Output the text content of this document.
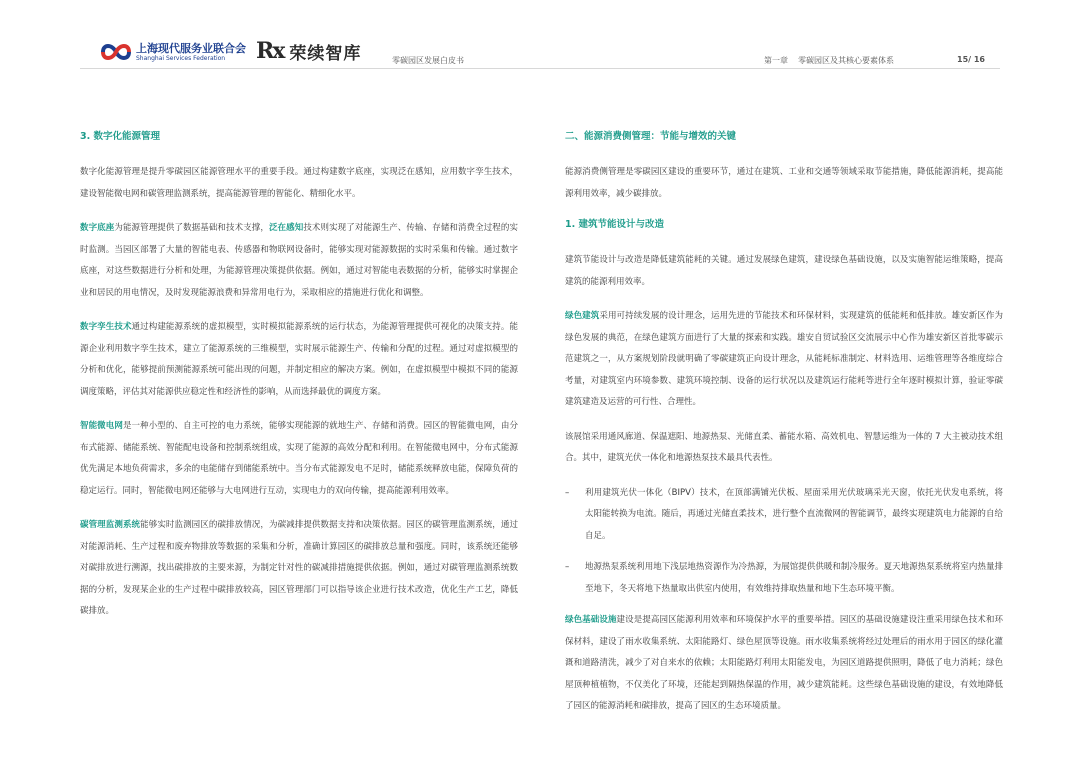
上海现代服务业联合会
Shanghai Services Federation	Rx 荣续智库	零碳园区发展白皮书	第一章 零碳园区及其核心要素体系	15/ 16
3. 数字化能源管理

数字化能源管理是提升零碳园区能源管理水平的重要手段。通过构建数字底座，实现泛在感知，应用数字孪生技术，建设智能微电网和碳管理监测系统，提高能源管理的智能化、精细化水平。

数字底座为能源管理提供了数据基础和技术支撑，泛在感知技术则实现了对能源生产、传输、存储和消费全过程的实时监测。当园区部署了大量的智能电表、传感器和物联网设备时，能够实现对能源数据的实时采集和传输。通过数字底座，对这些数据进行分析和处理，为能源管理决策提供依据。例如，通过对智能电表数据的分析，能够实时掌握企业和居民的用电情况，及时发现能源浪费和异常用电行为，采取相应的措施进行优化和调整。

数字孪生技术通过构建能源系统的虚拟模型，实时模拟能源系统的运行状态，为能源管理提供可视化的决策支持。能源企业利用数字孪生技术，建立了能源系统的三维模型，实时展示能源生产、传输和分配的过程。通过对虚拟模型的分析和优化，能够提前预测能源系统可能出现的问题，并制定相应的解决方案。例如，在虚拟模型中模拟不同的能源调度策略，评估其对能源供应稳定性和经济性的影响，从而选择最优的调度方案。

智能微电网是一种小型的、自主可控的电力系统，能够实现能源的就地生产、存储和消费。园区的智能微电网，由分布式能源、储能系统、智能配电设备和控制系统组成，实现了能源的高效分配和利用。在智能微电网中，分布式能源优先满足本地负荷需求，多余的电能储存到储能系统中。当分布式能源发电不足时，储能系统释放电能，保障负荷的稳定运行。同时，智能微电网还能够与大电网进行互动，实现电力的双向传输，提高能源利用效率。

碳管理监测系统能够实时监测园区的碳排放情况，为碳减排提供数据支持和决策依据。园区的碳管理监测系统，通过对能源消耗、生产过程和废弃物排放等数据的采集和分析，准确计算园区的碳排放总量和强度。同时，该系统还能够对碳排放进行溯源，找出碳排放的主要来源，为制定针对性的碳减排措施提供依据。例如，通过对碳管理监测系统数据的分析，发现某企业的生产过程中碳排放较高，园区管理部门可以指导该企业进行技术改造，优化生产工艺，降低碳排放。

二、能源消费侧管理：节能与增效的关键

能源消费侧管理是零碳园区建设的重要环节，通过在建筑、工业和交通等领域采取节能措施，降低能源消耗，提高能源利用效率，减少碳排放。

1. 建筑节能设计与改造

建筑节能设计与改造是降低建筑能耗的关键。通过发展绿色建筑，建设绿色基础设施，以及实施智能运维策略，提高建筑的能源利用效率。

绿色建筑采用可持续发展的设计理念，运用先进的节能技术和环保材料，实现建筑的低能耗和低排放。雄安新区作为绿色发展的典范，在绿色建筑方面进行了大量的探索和实践。雄安自贸试验区交流展示中心作为雄安新区首批零碳示范建筑之一，从方案规划阶段就明确了零碳建筑正向设计理念，从能耗标准制定、材料选用、运维管理等各维度综合考量，对建筑室内环境参数、建筑环境控制、设备的运行状况以及建筑运行能耗等进行全年逐时模拟计算，验证零碳建筑建造及运营的可行性、合理性。

该展馆采用通风廊道、保温遮阳、地源热泵、光储直柔、蓄能水箱、高效机电、智慧运维为一体的 7 大主被动技术组合。其中，建筑光伏一体化和地源热泵技术最具代表性。

–	利用建筑光伏一体化（BIPV）技术，在顶部满铺光伏板、屋面采用光伏玻璃采光天窗，依托光伏发电系统，将太阳能转换为电流。随后，再通过光储直柔技术，进行整个直流微网的智能调节，最终实现建筑电力能源的自给自足。
–	地源热泵系统利用地下浅层地热资源作为冷热源，为展馆提供供暖和制冷服务。夏天地源热泵系统将室内热量排至地下，冬天将地下热量取出供室内使用，有效维持排取热量和地下生态环境平衡。

绿色基础设施建设是提高园区能源利用效率和环境保护水平的重要举措。园区的基础设施建设注重采用绿色技术和环保材料，建设了雨水收集系统、太阳能路灯、绿色屋顶等设施。雨水收集系统将经过处理后的雨水用于园区的绿化灌溉和道路清洗，减少了对自来水的依赖；太阳能路灯利用太阳能发电，为园区道路提供照明，降低了电力消耗；绿色屋顶种植植物，不仅美化了环境，还能起到隔热保温的作用，减少建筑能耗。这些绿色基础设施的建设，有效地降低了园区的能源消耗和碳排放，提高了园区的生态环境质量。
